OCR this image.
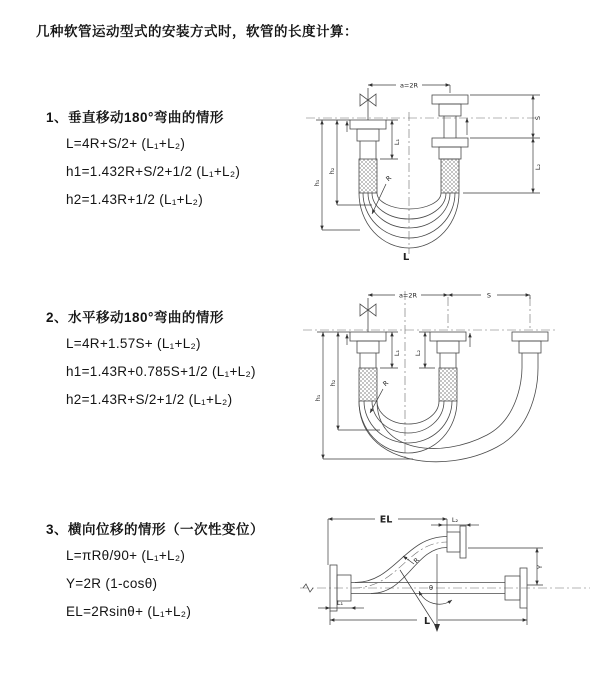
几种软管运动型式的安装方式时，软管的长度计算：
1、垂直移动180°弯曲的情形
L=4R+S/2+ (L₁+L₂)
h1=1.432R+S/2+1/2 (L₁+L₂)
h2=1.43R+1/2 (L₁+L₂)
2、水平移动180°弯曲的情形
L=4R+1.57S+ (L₁+L₂)
h1=1.43R+0.785S+1/2 (L₁+L₂)
h2=1.43R+S/2+1/2 (L₁+L₂)
3、横向位移的情形（一次性变位）
L=πRθ/90+ (L₁+L₂)
Y=2R (1-cosθ)
EL=2Rsinθ+ (L₁+L₂)
a=2R
S
L₂
h₁
h₂
L₁
R
L
a=2R	S
h₁
h₂
L₁ L₂
R
EL	L₂
Y
L
L₁
R
θ
